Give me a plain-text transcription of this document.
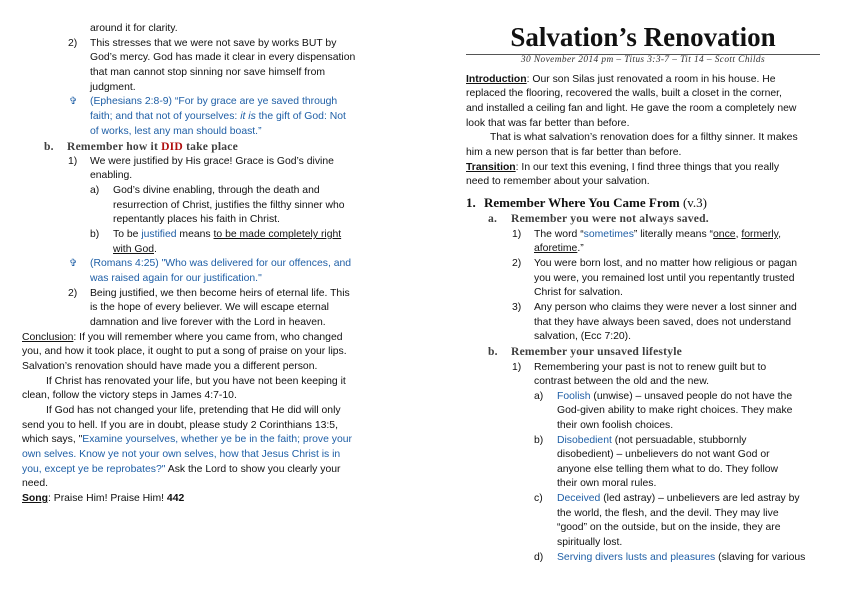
around it for clarity.
2) This stresses that we were not save by works BUT by
God’s mercy. God has made it clear in every dispensation
that man cannot stop sinning nor save himself from
judgment.
✞ (Ephesians 2:8-9) “For by grace are ye saved through
faith; and that not of yourselves: it is the gift of God: Not
of works, lest any man should boast.”
b. Remember how it DID take place
1) We were justified by His grace! Grace is God’s divine
enabling.
a) God’s divine enabling, through the death and
resurrection of Christ, justifies the filthy sinner who
repentantly places his faith in Christ.
b) To be justified means to be made completely right
with God.
✞ (Romans 4:25) "Who was delivered for our offences, and
was raised again for our justification."
2) Being justified, we then become heirs of eternal life. This
is the hope of every believer. We will escape eternal
damnation and live forever with the Lord in heaven.
Conclusion: If you will remember where you came from, who changed
you, and how it took place, it ought to put a song of praise on your lips.
Salvation’s renovation should have made you a different person.
If Christ has renovated your life, but you have not been keeping it
clean, follow the victory steps in James 4:7-10.
If God has not changed your life, pretending that He did will only
send you to hell. If you are in doubt, please study 2 Corinthians 13:5,
which says, "Examine yourselves, whether ye be in the faith; prove your
own selves. Know ye not your own selves, how that Jesus Christ is in
you, except ye be reprobates?" Ask the Lord to show you clearly your
need.
Song: Praise Him! Praise Him! 442
Salvation’s Renovation
30 November 2014 pm – Titus 3:3-7 – Tit 14 – Scott Childs
Introduction: Our son Silas just renovated a room in his house. He
replaced the flooring, recovered the walls, built a closet in the corner,
and installed a ceiling fan and light. He gave the room a completely new
look that was far better than before.
That is what salvation’s renovation does for a filthy sinner. It makes
him a new person that is far better than before.
Transition: In our text this evening, I find three things that you really
need to remember about your salvation.
1. Remember Where You Came From (v.3)
a. Remember you were not always saved.
1) The word “sometimes” literally means “once, formerly,
aforetime.”
2) You were born lost, and no matter how religious or pagan
you were, you remained lost until you repentantly trusted
Christ for salvation.
3) Any person who claims they were never a lost sinner and
that they have always been saved, does not understand
salvation, (Ecc 7:20).
b. Remember your unsaved lifestyle
1) Remembering your past is not to renew guilt but to
contrast between the old and the new.
a) Foolish (unwise) – unsaved people do not have the
God-given ability to make right choices. They make
their own foolish choices.
b) Disobedient (not persuadable, stubbornly
disobedient) – unbelievers do not want God or
anyone else telling them what to do. They follow
their own moral rules.
c) Deceived (led astray) – unbelievers are led astray by
the world, the flesh, and the devil. They may live
“good” on the outside, but on the inside, they are
spiritually lost.
d) Serving divers lusts and pleasures (slaving for various
